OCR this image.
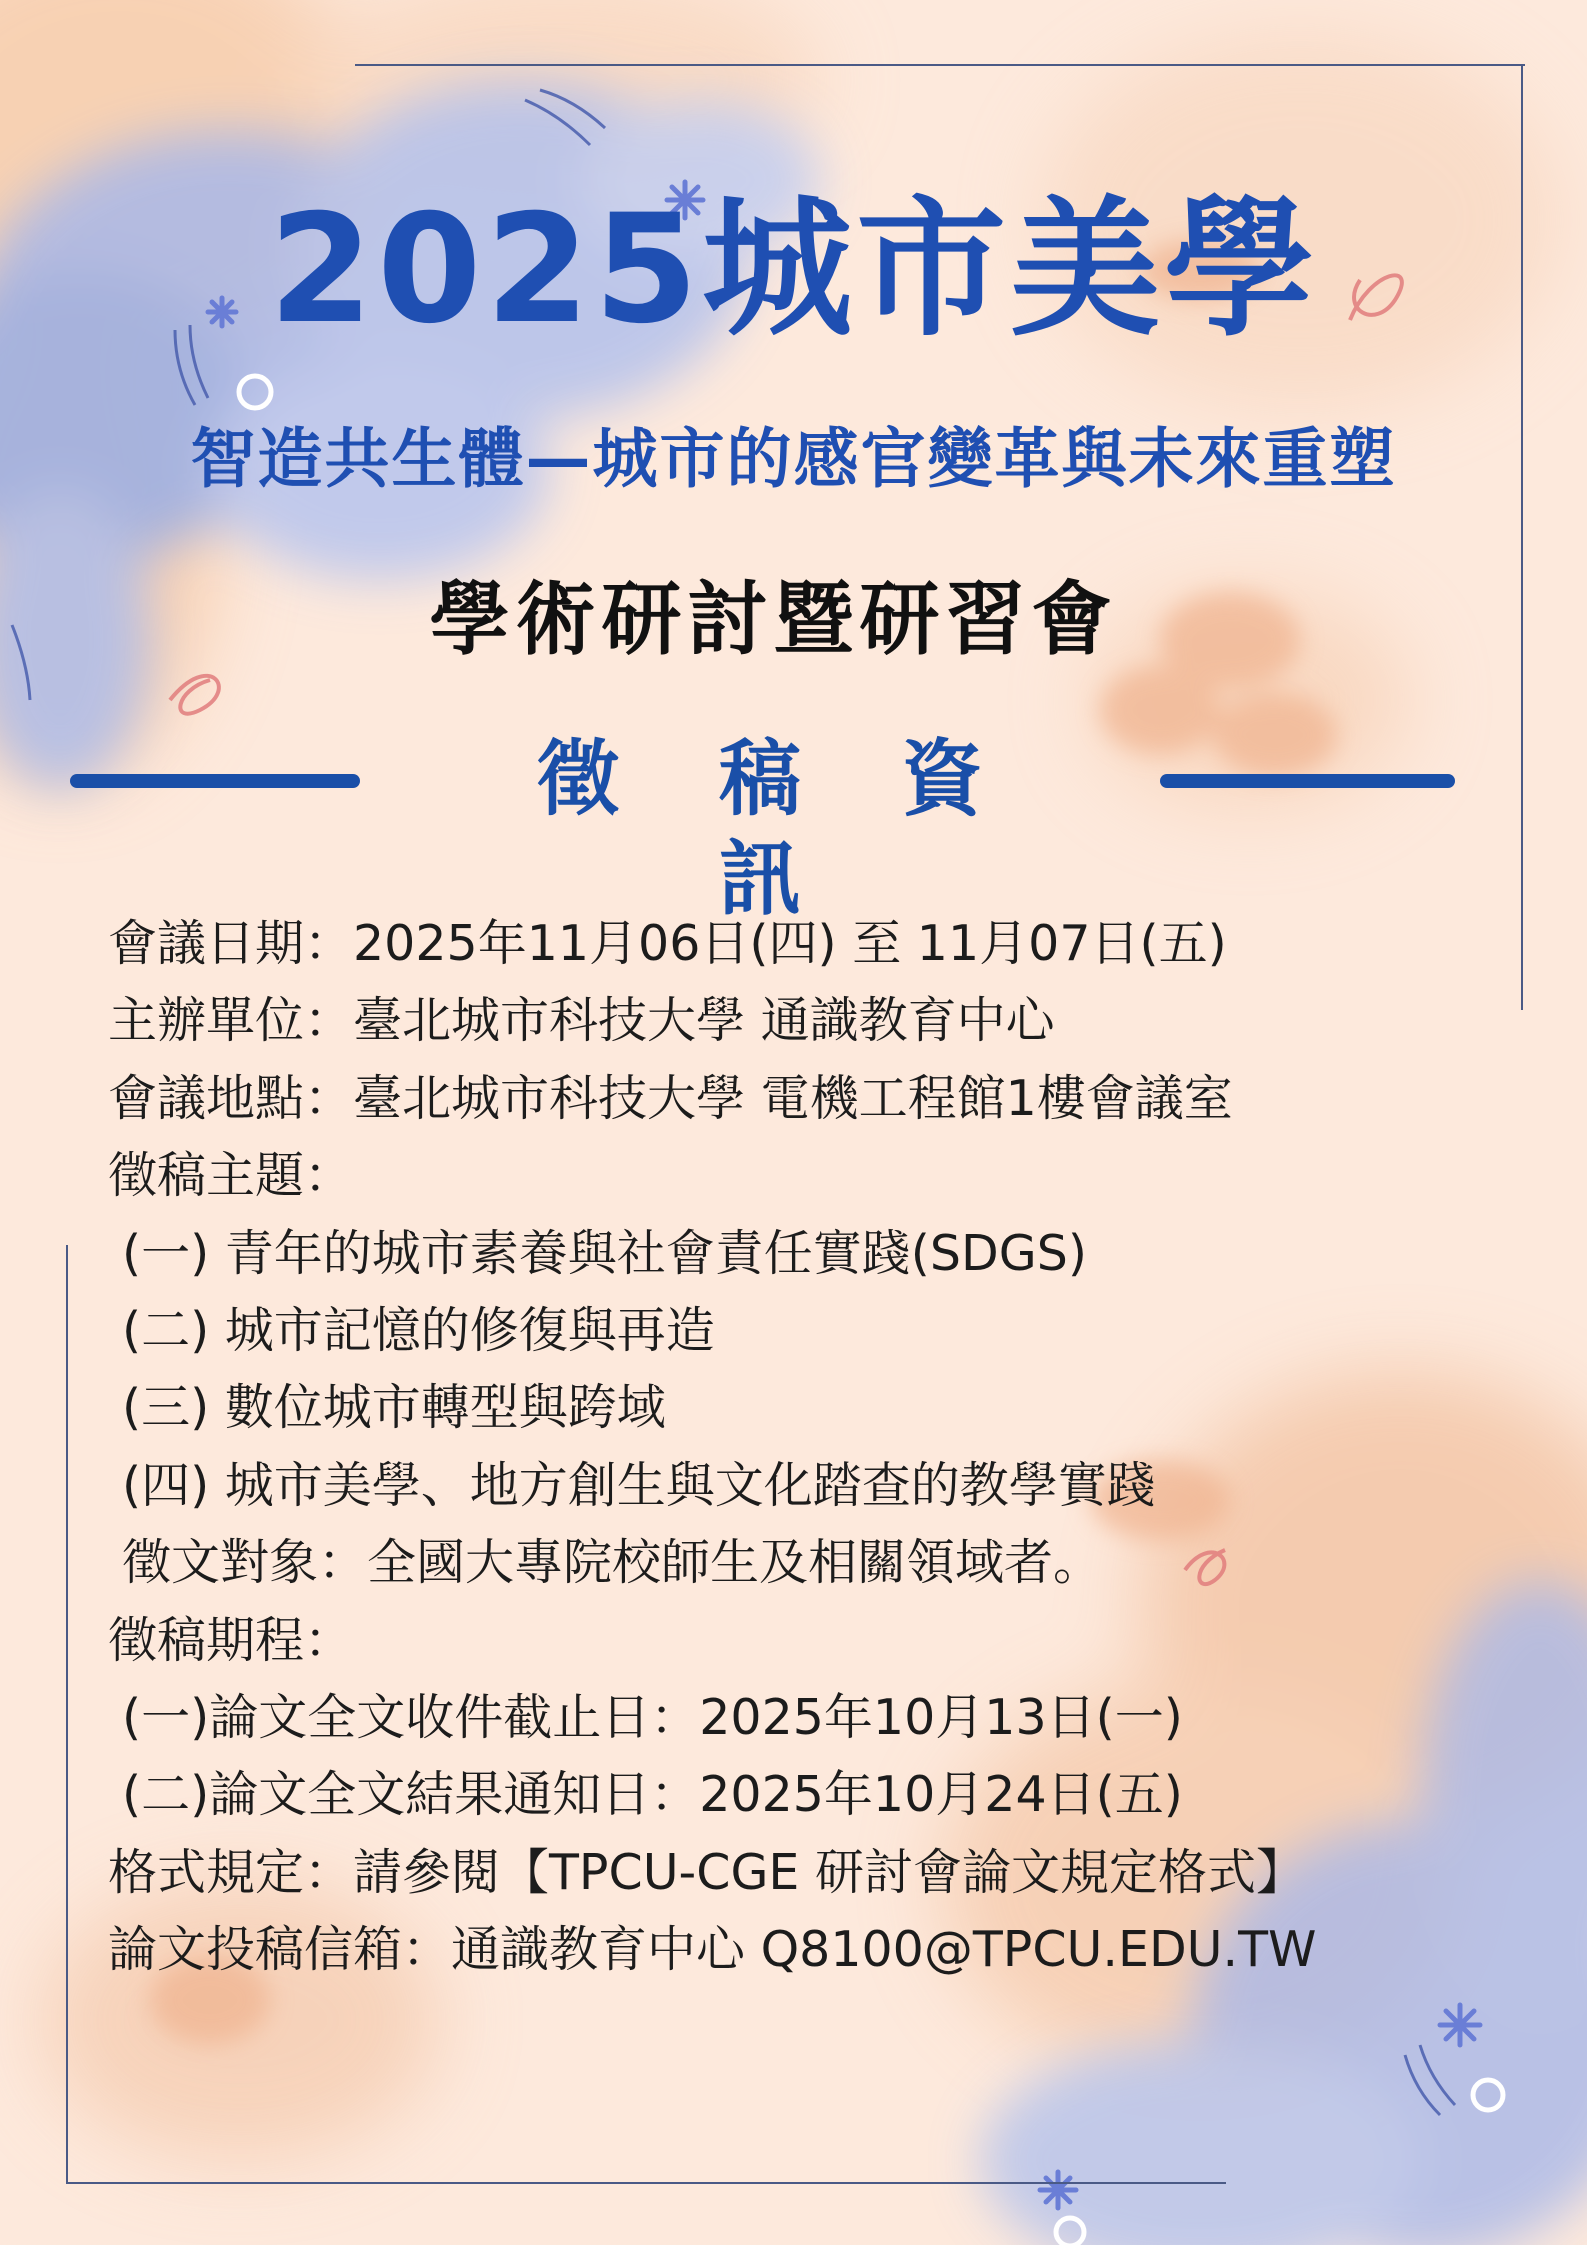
2025城市美學
智造共生體—城市的感官變革與未來重塑
學術研討暨研習會
徵稿資訊
會議日期：2025年11月06日(四) 至 11月07日(五)
主辦單位：臺北城市科技大學 通識教育中心
會議地點：臺北城市科技大學 電機工程館1樓會議室
徵稿主題：
(一) 青年的城市素養與社會責任實踐(SDGS)
(二) 城市記憶的修復與再造
(三) 數位城市轉型與跨域
(四) 城市美學、地方創生與文化踏查的教學實踐
徵文對象：全國大專院校師生及相關領域者。
徵稿期程：
(一)論文全文收件截止日：2025年10月13日(一)
(二)論文全文結果通知日：2025年10月24日(五)
格式規定：請參閱【TPCU-CGE 研討會論文規定格式】
論文投稿信箱：通識教育中心 Q8100@TPCU.EDU.TW
